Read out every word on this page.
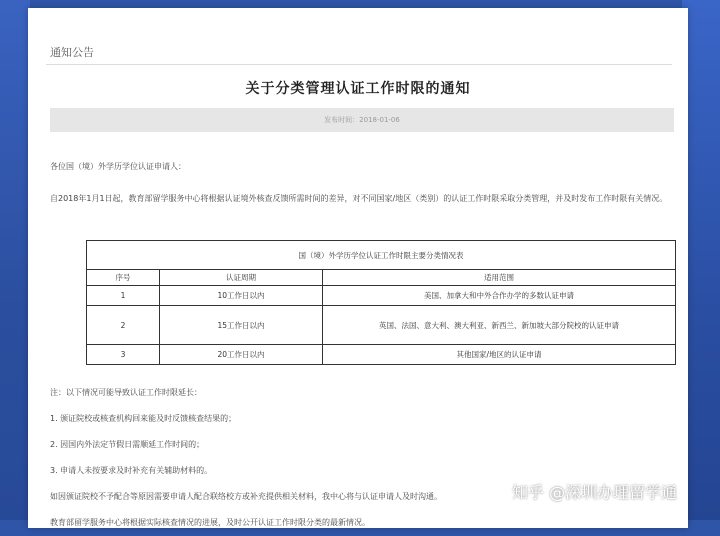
通知公告
关于分类管理认证工作时限的通知
发布时间：2018-01-06
各位国（境）外学历学位认证申请人：
自2018年1月1日起，教育部留学服务中心将根据认证境外核查反馈所需时间的差异，对不同国家/地区（类别）的认证工作时限采取分类管理，并及时发布工作时限有关情况。
国（境）外学历学位认证工作时限主要分类情况表		
序号	认证周期	适用范围
1	10工作日以内	美国、加拿大和中外合作办学的多数认证申请
2	15工作日以内	英国、法国、意大利、澳大利亚、新西兰、新加坡大部分院校的认证申请
3	20工作日以内	其他国家/地区的认证申请
注：以下情况可能导致认证工作时限延长：
1. 颁证院校或核查机构回来能及时反馈核查结果的；
2. 因国内外法定节假日需顺延工作时间的；
3. 申请人未按要求及时补充有关辅助材料的。
如因颁证院校不予配合等原因需要申请人配合联络校方或补充提供相关材料，我中心将与认证申请人及时沟通。
教育部留学服务中心将根据实际核查情况的进展，及时公开认证工作时限分类的最新情况。
知乎 @深圳办理留学通
